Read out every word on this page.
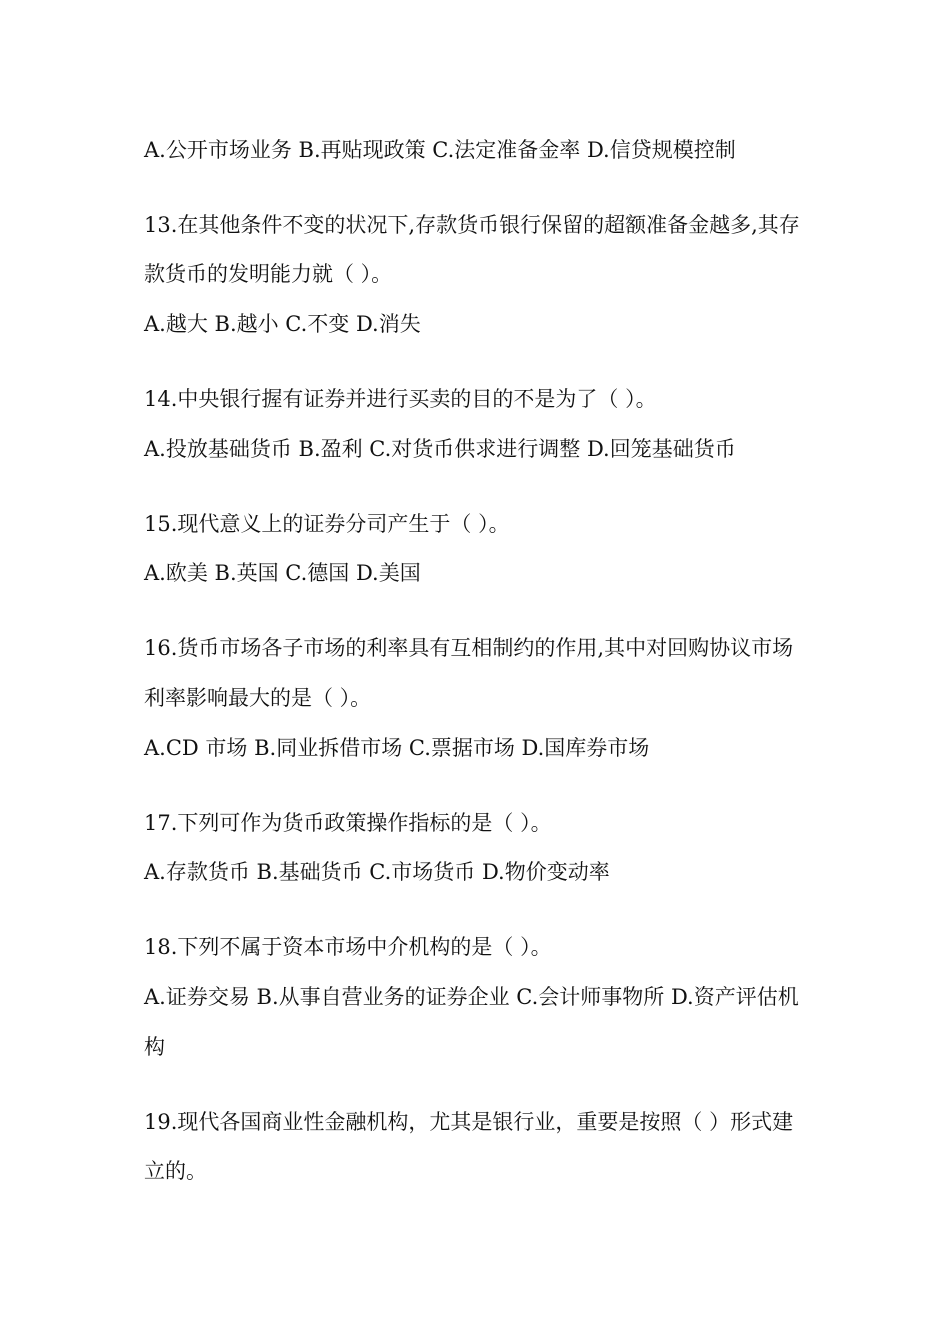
A.公开市场业务 B.再贴现政策 C.法定准备金率 D.信贷规模控制
13.在其他条件不变的状况下,存款货币银行保留的超额准备金越多,其存
款货币的发明能力就（ ）。
A.越大 B.越小 C.不变 D.消失
14.中央银行握有证券并进行买卖的目的不是为了（ ）。
A.投放基础货币 B.盈利 C.对货币供求进行调整 D.回笼基础货币
15.现代意义上的证券分司产生于（ ）。
A.欧美 B.英国 C.德国 D.美国
16.货币市场各子市场的利率具有互相制约的作用,其中对回购协议市场
利率影响最大的是（ ）。
A.CD 市场 B.同业拆借市场 C.票据市场 D.国库券市场
17.下列可作为货币政策操作指标的是（ ）。
A.存款货币 B.基础货币 C.市场货币 D.物价变动率
18.下列不属于资本市场中介机构的是（ ）。
A.证券交易 B.从事自营业务的证券企业 C.会计师事物所 D.资产评估机
构
19.现代各国商业性金融机构，尤其是银行业，重要是按照（ ）形式建
立的。
